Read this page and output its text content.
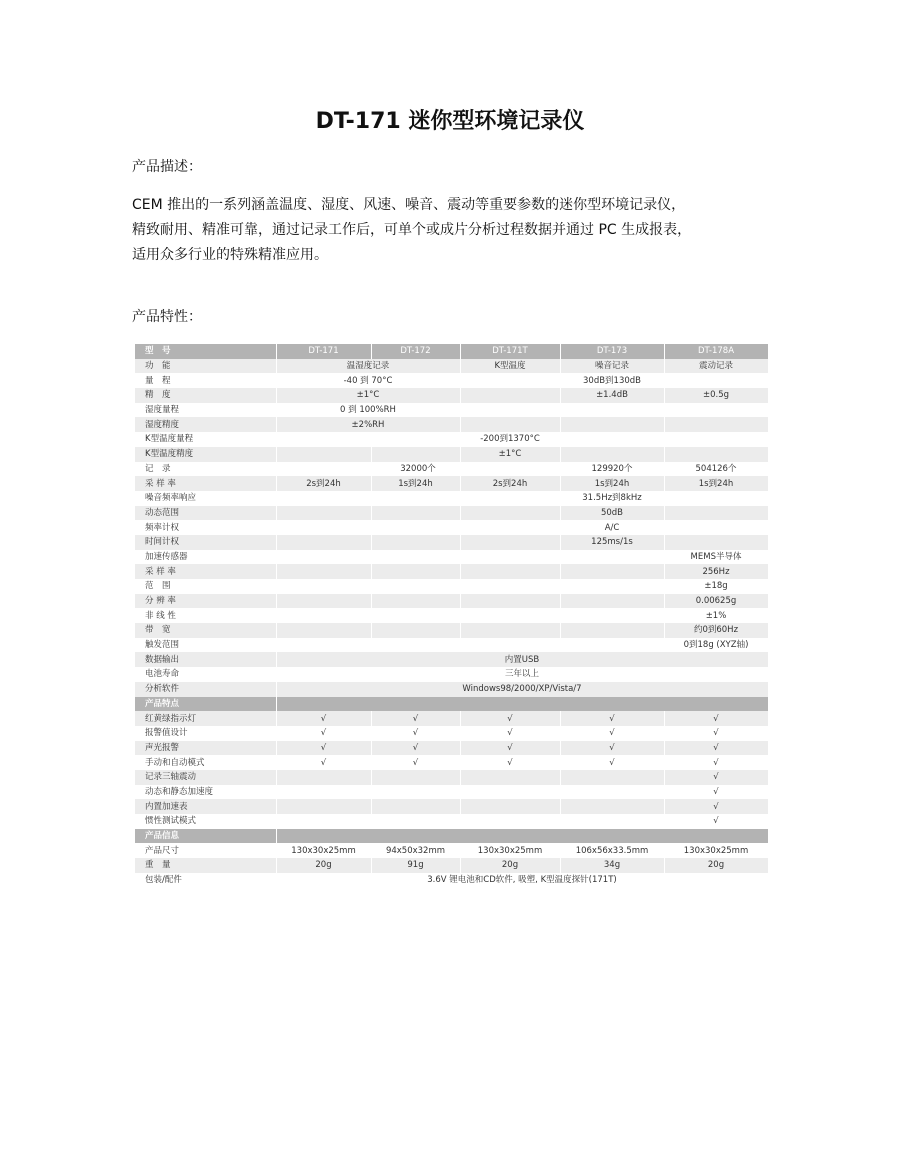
DT-171 迷你型环境记录仪
产品描述：

CEM 推出的一系列涵盖温度、湿度、风速、噪音、震动等重要参数的迷你型环境记录仪，

精致耐用、精准可靠，通过记录工作后，可单个或成片分析过程数据并通过 PC 生成报表，

适用众多行业的特殊精准应用。

产品特性：
型　号	DT-171	DT-172	DT-171T	DT-173	DT-178A
功　能	温湿度记录		K型温度	噪音记录	震动记录
量　程	-40 到 70°C			30dB到130dB	
精　度	±1°C			±1.4dB	±0.5g
湿度量程	0 到 100%RH				
湿度精度	±2%RH				
K型温度量程			-200到1370°C		
K型温度精度			±1°C		
记　录	32000个			129920个	504126个
采 样 率	2s到24h	1s到24h	2s到24h	1s到24h	1s到24h
噪音频率响应				31.5Hz到8kHz	
动态范围				50dB	
频率计权				A/C	
时间计权				125ms/1s	
加速传感器					MEMS半导体
采 样 率					256Hz
范　围					±18g
分 辨 率					0.00625g
非 线 性					±1%
带　宽					约0到60Hz
触发范围					0到18g (XYZ轴)
数据输出	内置USB				
电池寿命	三年以上				
分析软件	Windows98/2000/XP/Vista/7				
产品特点					
红黄绿指示灯	√	√	√	√	√
报警值设计	√	√	√	√	√
声光报警	√	√	√	√	√
手动和自动模式	√	√	√	√	√
记录三轴震动					√
动态和静态加速度					√
内置加速表					√
惯性测试模式					√
产品信息					
产品尺寸	130x30x25mm	94x50x32mm	130x30x25mm	106x56x33.5mm	130x30x25mm
重　量	20g	91g	20g	34g	20g
包装/配件	3.6V 锂电池和CD软件, 吸塑, K型温度探针(171T)				
